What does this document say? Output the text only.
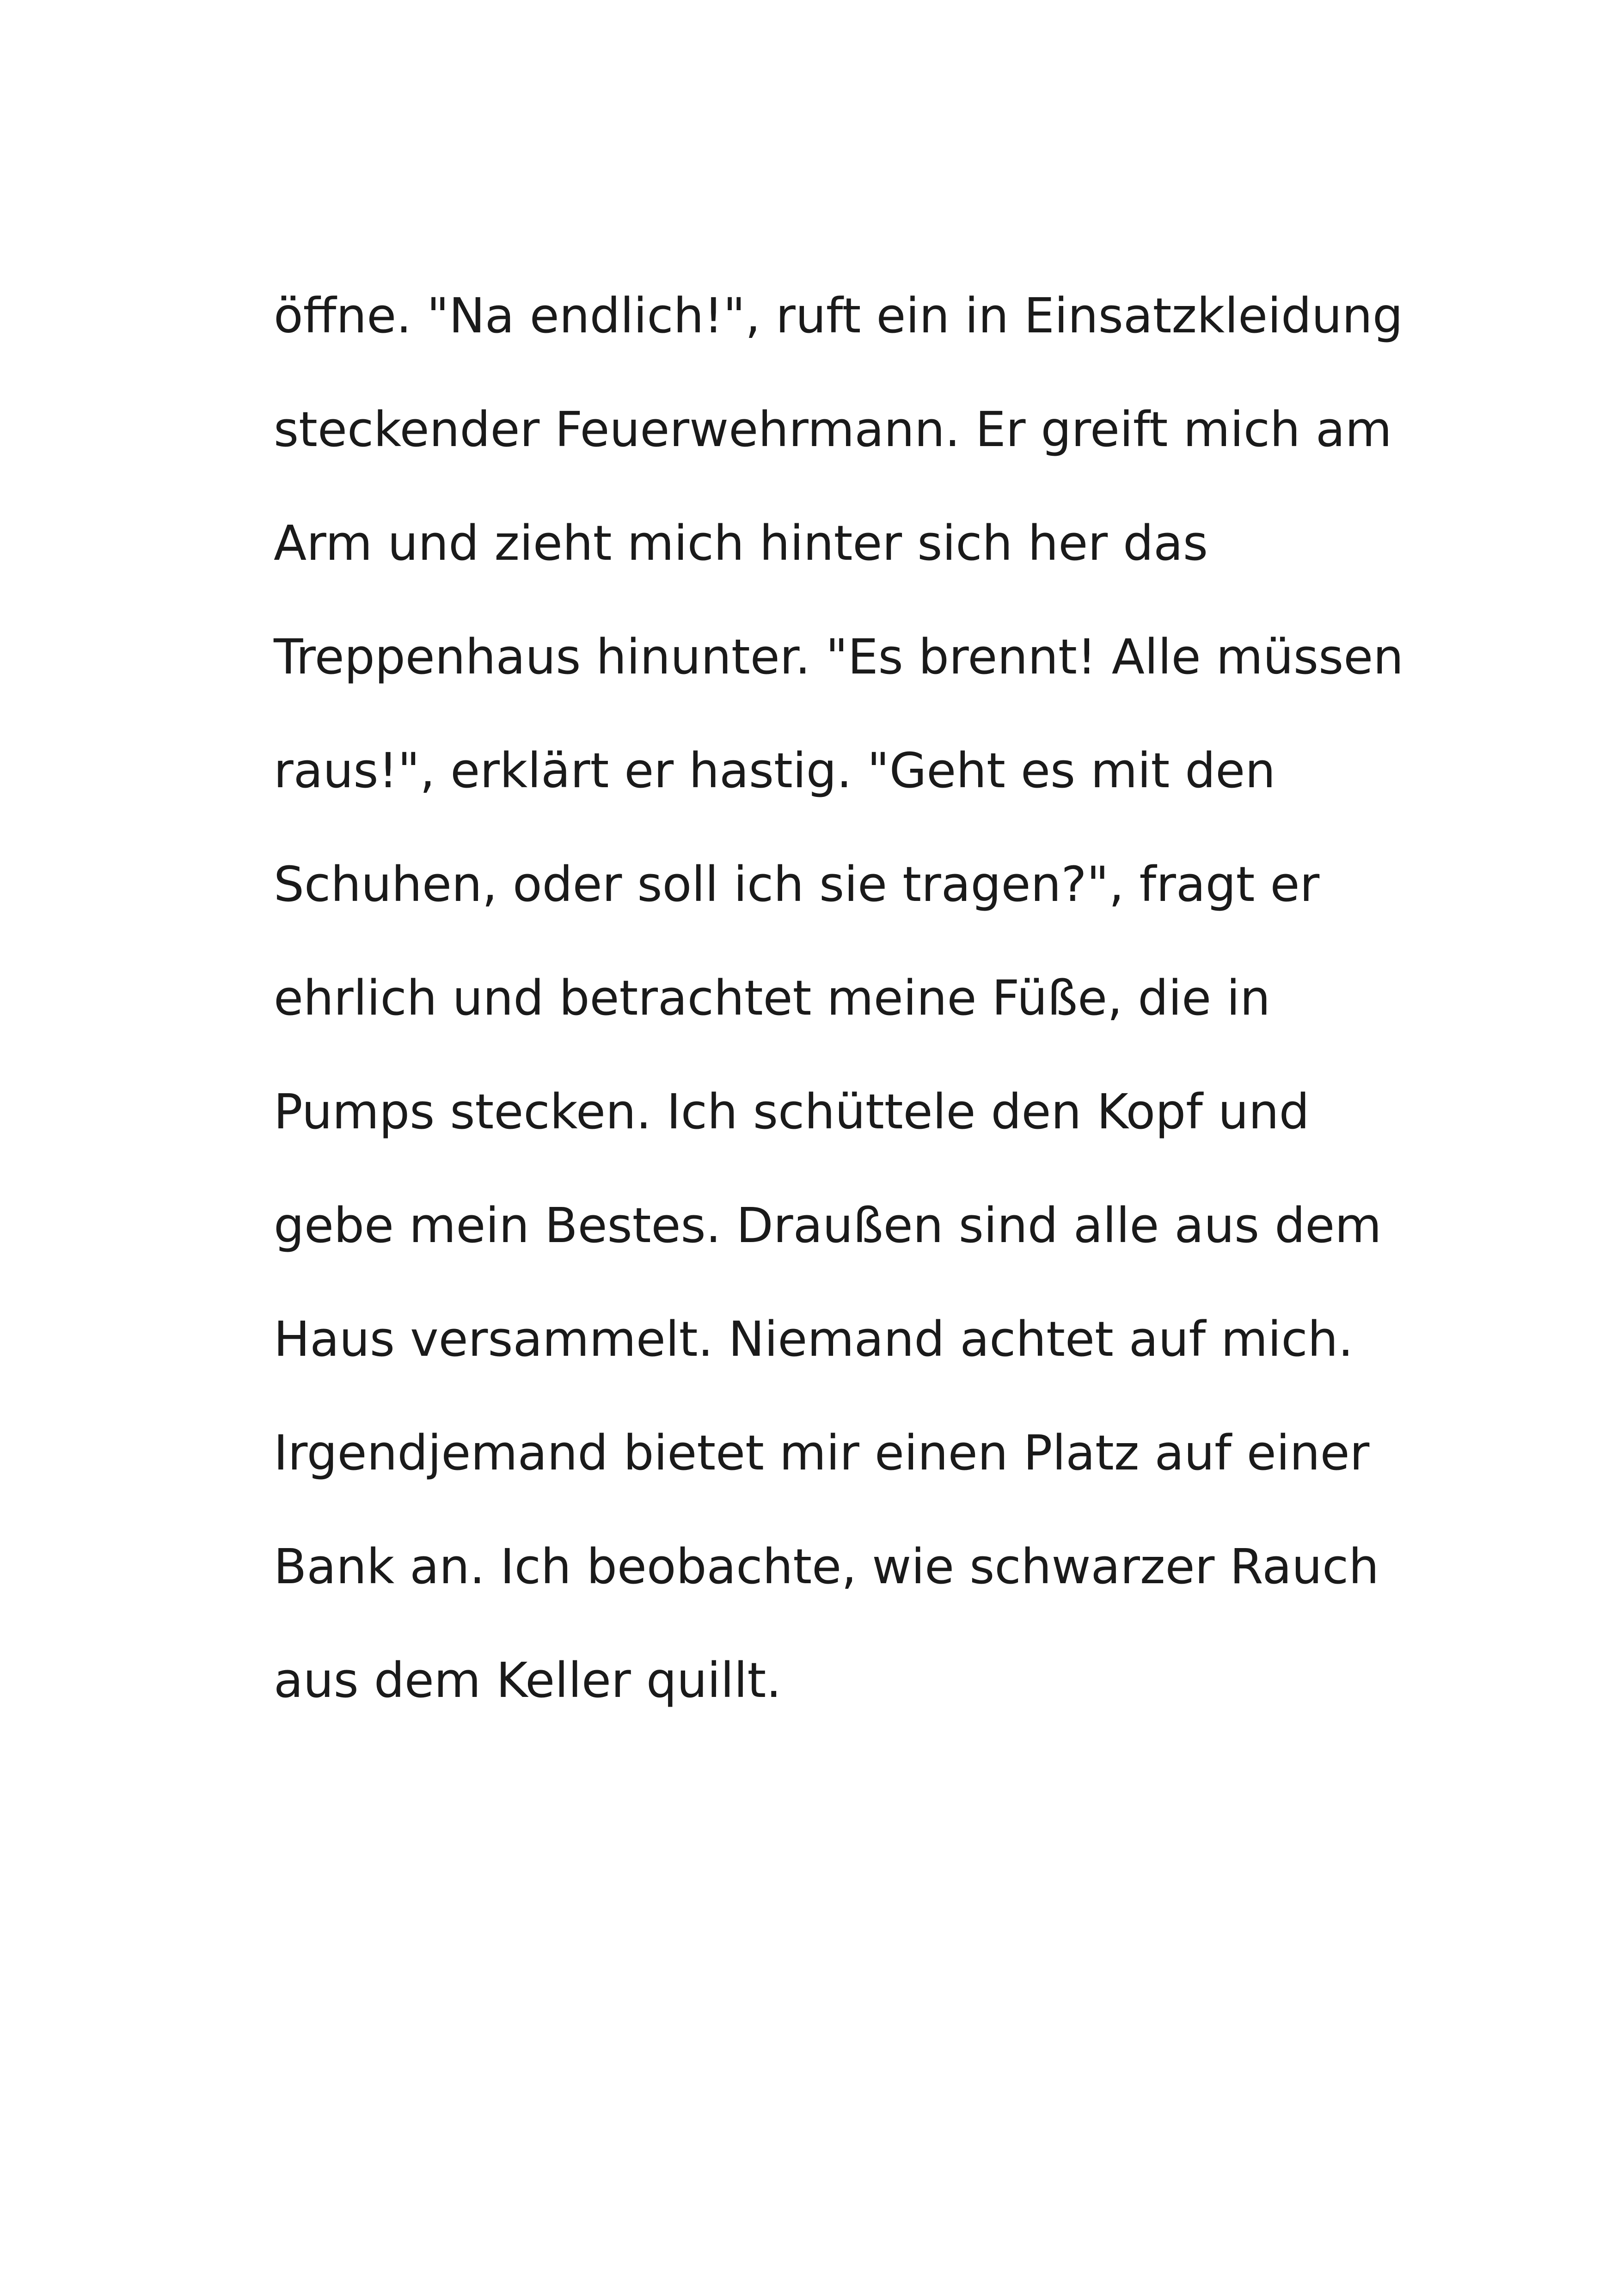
öffne. "Na endlich!", ruft ein in Einsatzkleidung
steckender Feuerwehrmann. Er greift mich am
Arm und zieht mich hinter sich her das
Treppenhaus hinunter. "Es brennt! Alle müssen
raus!", erklärt er hastig. "Geht es mit den
Schuhen, oder soll ich sie tragen?", fragt er
ehrlich und betrachtet meine Füße, die in
Pumps stecken. Ich schüttele den Kopf und
gebe mein Bestes. Draußen sind alle aus dem
Haus versammelt. Niemand achtet auf mich.
Irgendjemand bietet mir einen Platz auf einer
Bank an. Ich beobachte, wie schwarzer Rauch
aus dem Keller quillt.
